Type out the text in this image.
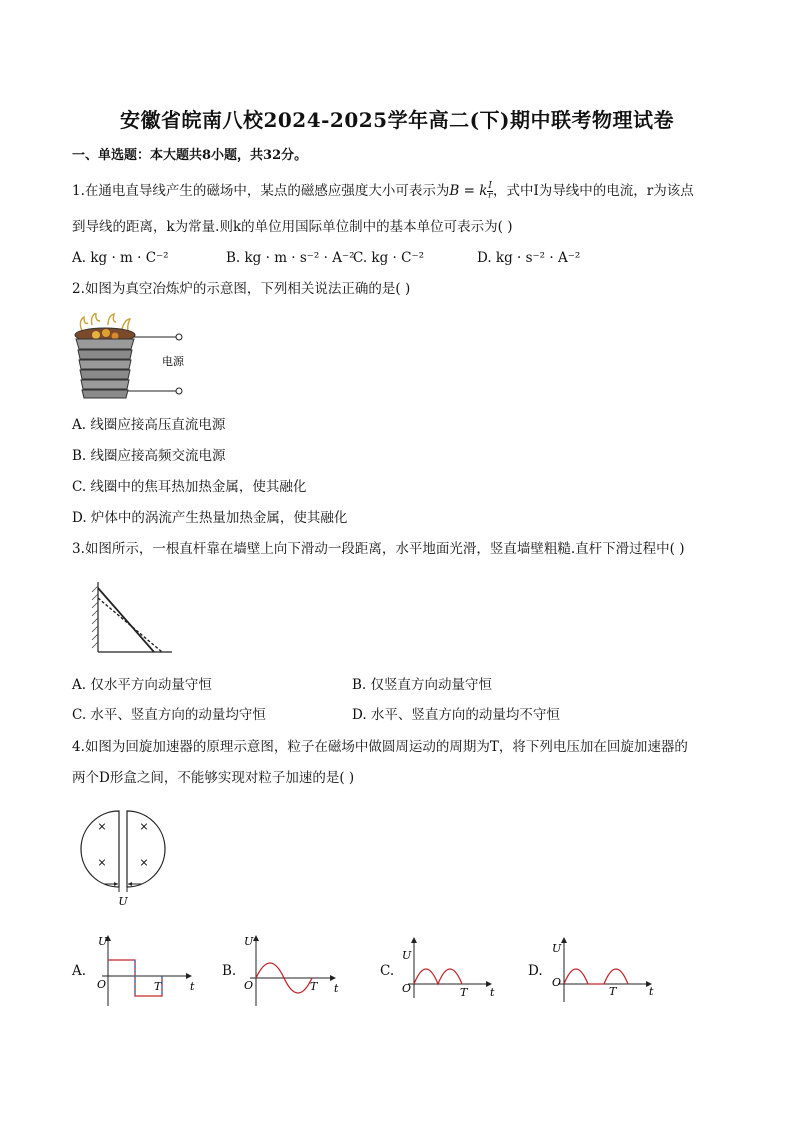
安徽省皖南八校2024-2025学年高二(下)期中联考物理试卷
一、单选题：本大题共8小题，共32分。
1.在通电直导线产生的磁场中，某点的磁感应强度大小可表示为B = k $\frac{I}{r}$ ，式中I为导线中的电流，r为该点
到导线的距离，k为常量.则k的单位用国际单位制中的基本单位可表示为( )
A. kg · m · C⁻²	B. kg · m · s⁻² · A⁻²
C. kg · C⁻²	D. kg · s⁻² · A⁻²
2.如图为真空冶炼炉的示意图，下列相关说法正确的是( )
电源
A. 线圈应接高压直流电源
B. 线圈应接高频交流电源
C. 线圈中的焦耳热加热金属，使其融化
D. 炉体中的涡流产生热量加热金属，使其融化
3.如图所示，一根直杆靠在墙壁上向下滑动一段距离，水平地面光滑，竖直墙壁粗糙.直杆下滑过程中( )
A. 仅水平方向动量守恒	B. 仅竖直方向动量守恒
C. 水平、竖直方向的动量均守恒	D. 水平、竖直方向的动量均不守恒
4.如图为回旋加速器的原理示意图，粒子在磁场中做圆周运动的周期为T，将下列电压加在回旋加速器的
两个D形盒之间，不能够实现对粒子加速的是( )
×	×
×	×
U
A.
U
O	t
T
B.
U
O	t
T
C.
U
O	t
T
D.
U
O
t
T
